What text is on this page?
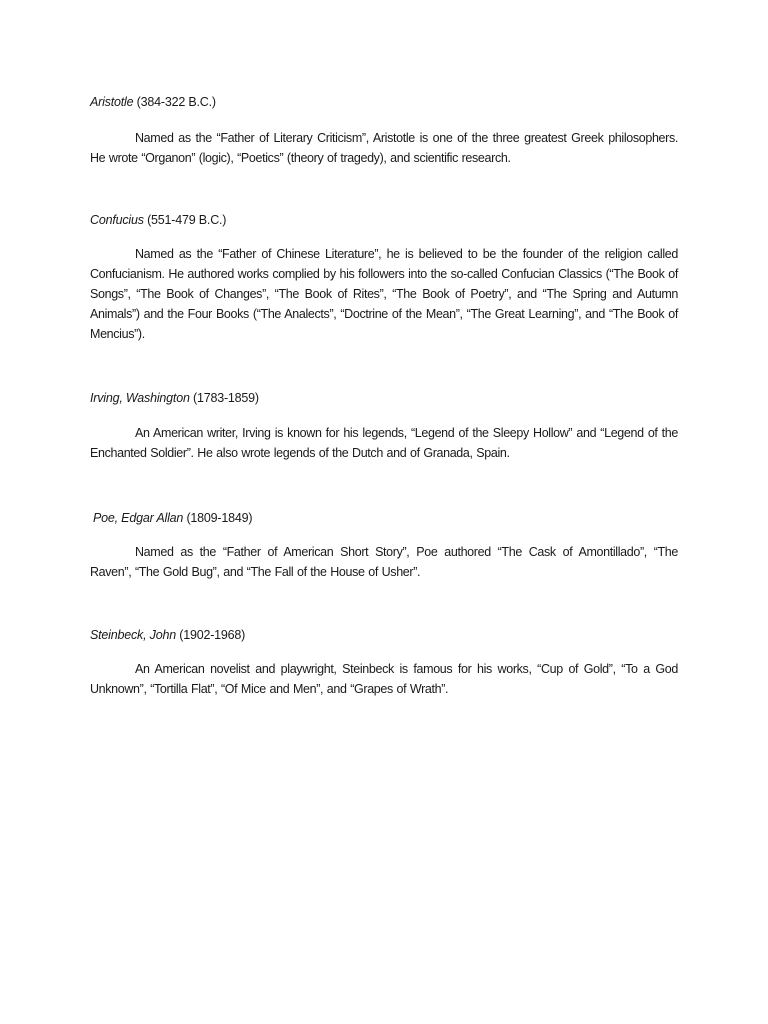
Aristotle (384-322 B.C.)

Named as the “Father of Literary Criticism”, Aristotle is one of the three greatest Greek philosophers. He wrote “Organon” (logic), “Poetics” (theory of tragedy), and scientific research.

Confucius (551-479 B.C.)

Named as the “Father of Chinese Literature”, he is believed to be the founder of the religion called Confucianism. He authored works complied by his followers into the so-called Confucian Classics (“The Book of Songs”, “The Book of Changes”, “The Book of Rites”, “The Book of Poetry”, and “The Spring and Autumn Animals”) and the Four Books (“The Analects”, “Doctrine of the Mean”, “The Great Learning”, and “The Book of Mencius”).

Irving, Washington (1783-1859)

An American writer, Irving is known for his legends, “Legend of the Sleepy Hollow” and “Legend of the Enchanted Soldier”. He also wrote legends of the Dutch and of Granada, Spain.

Poe, Edgar Allan (1809-1849)

Named as the “Father of American Short Story”, Poe authored “The Cask of Amontillado”, “The Raven”, “The Gold Bug”, and “The Fall of the House of Usher”.

Steinbeck, John (1902-1968)

An American novelist and playwright, Steinbeck is famous for his works, “Cup of Gold”, “To a God Unknown”, “Tortilla Flat”, “Of Mice and Men”, and “Grapes of Wrath”.
